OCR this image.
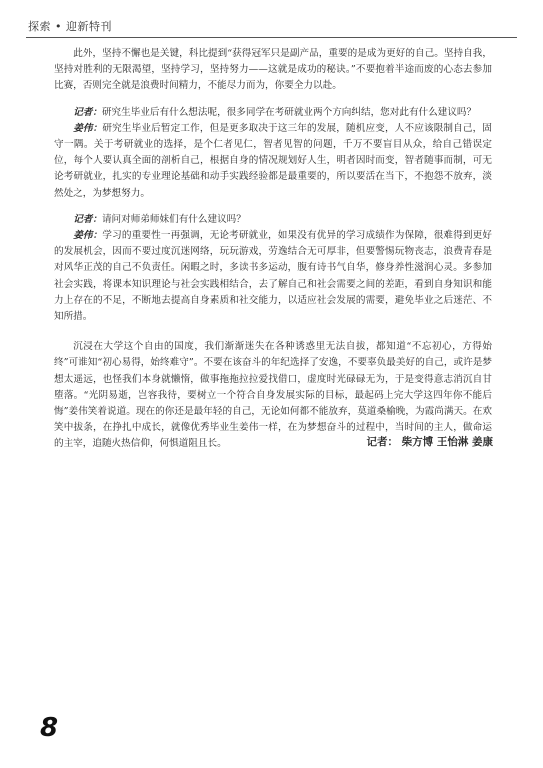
探索 • 迎新特刊

此外，坚持不懈也是关键，科比提到“获得冠军只是副产品，重要的是成为更好的自己。坚持自我，坚持对胜利的无限渴望，坚持学习，坚持努力——这就是成功的秘诀。”不要抱着半途而废的心态去参加比赛，否则完全就是浪费时间精力，不能尽力而为，你要全力以赴。

记者：研究生毕业后有什么想法呢，很多同学在考研就业两个方向纠结，您对此有什么建议吗？

姜伟：研究生毕业后暂定工作，但是更多取决于这三年的发展，随机应变，人不应该限制自己，固守一隅。关于考研就业的选择，是个仁者见仁，智者见智的问题，千万不要盲目从众，给自己错误定位，每个人要认真全面的剖析自己，根据自身的情况规划好人生，明者因时而变，智者随事而制，可无论考研就业，扎实的专业理论基础和动手实践经验都是最重要的，所以要活在当下，不抱怨不放弃，淡然处之，为梦想努力。

记者：请问对师弟师妹们有什么建议吗？

姜伟：学习的重要性一再强调，无论考研就业，如果没有优异的学习成绩作为保障，很难得到更好的发展机会，因而不要过度沉迷网络，玩玩游戏，劳逸结合无可厚非，但要警惕玩物丧志，浪费青春是对风华正茂的自己不负责任。闲暇之时，多读书多运动，腹有诗书气自华，修身养性滋润心灵。多参加社会实践，将课本知识理论与社会实践相结合，去了解自己和社会需要之间的差距，看到自身知识和能力上存在的不足，不断地去提高自身素质和社交能力，以适应社会发展的需要，避免毕业之后迷茫、不知所措。

沉浸在大学这个自由的国度，我们渐渐迷失在各种诱惑里无法自拔，都知道“不忘初心，方得始终”可谁知“初心易得，始终难守”。不要在该奋斗的年纪选择了安逸，不要辜负最美好的自己，或许是梦想太遥远，也怪我们本身就懒惰，做事拖拖拉拉爱找借口，虚度时光碌碌无为，于是变得意志消沉自甘堕落。“光阴易逝，岂容我待，要树立一个符合自身发展实际的目标，最起码上完大学这四年你不能后悔”姜伟笑着说道。现在的你还是最年轻的自己，无论如何都不能放弃，莫道桑榆晚，为霞尚满天。在欢笑中拔条，在挣扎中成长，就像优秀毕业生姜伟一样，在为梦想奋斗的过程中，当时间的主人，做命运的主宰，追随火热信仰，何惧道阻且长。	记者： 柴方博 王怡淋 姜康
8
